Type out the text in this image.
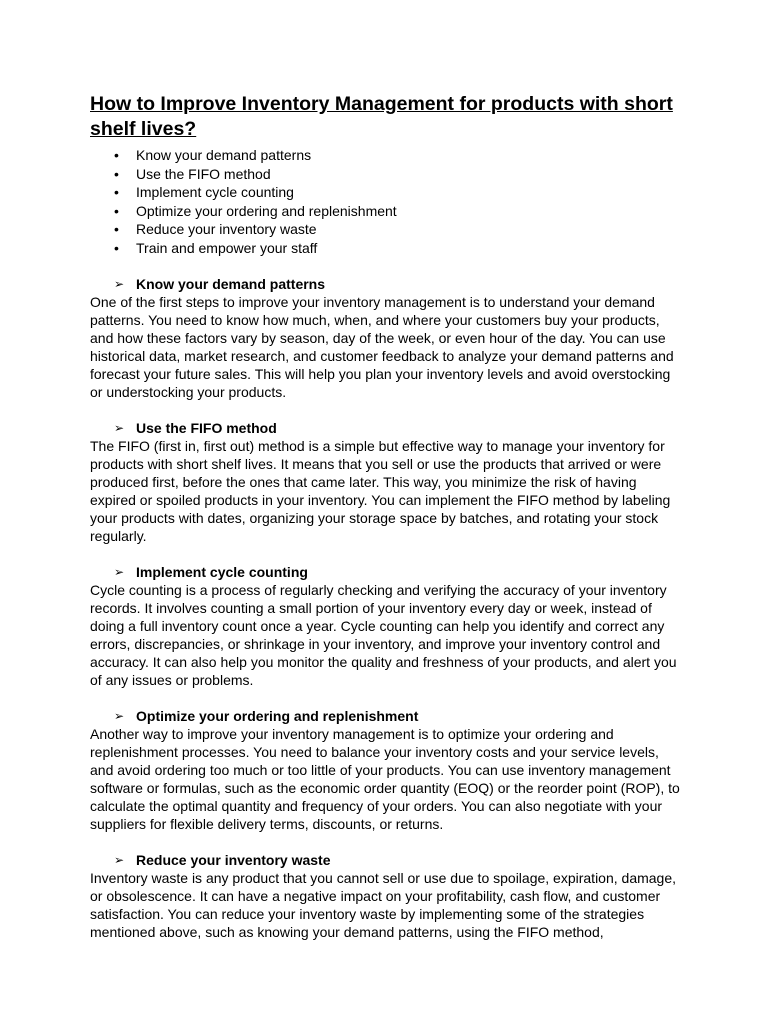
How to Improve Inventory Management for products with short shelf lives?
• Know your demand patterns
• Use the FIFO method
• Implement cycle counting
• Optimize your ordering and replenishment
• Reduce your inventory waste
• Train and empower your staff
➢ Know your demand patterns

One of the first steps to improve your inventory management is to understand your demand patterns. You need to know how much, when, and where your customers buy your products, and how these factors vary by season, day of the week, or even hour of the day. You can use historical data, market research, and customer feedback to analyze your demand patterns and forecast your future sales. This will help you plan your inventory levels and avoid overstocking or understocking your products.

➢ Use the FIFO method

The FIFO (first in, first out) method is a simple but effective way to manage your inventory for products with short shelf lives. It means that you sell or use the products that arrived or were produced first, before the ones that came later. This way, you minimize the risk of having expired or spoiled products in your inventory. You can implement the FIFO method by labeling your products with dates, organizing your storage space by batches, and rotating your stock regularly.

➢ Implement cycle counting

Cycle counting is a process of regularly checking and verifying the accuracy of your inventory records. It involves counting a small portion of your inventory every day or week, instead of doing a full inventory count once a year. Cycle counting can help you identify and correct any errors, discrepancies, or shrinkage in your inventory, and improve your inventory control and accuracy. It can also help you monitor the quality and freshness of your products, and alert you of any issues or problems.

➢ Optimize your ordering and replenishment

Another way to improve your inventory management is to optimize your ordering and replenishment processes. You need to balance your inventory costs and your service levels, and avoid ordering too much or too little of your products. You can use inventory management software or formulas, such as the economic order quantity (EOQ) or the reorder point (ROP), to calculate the optimal quantity and frequency of your orders. You can also negotiate with your suppliers for flexible delivery terms, discounts, or returns.

➢ Reduce your inventory waste

Inventory waste is any product that you cannot sell or use due to spoilage, expiration, damage, or obsolescence. It can have a negative impact on your profitability, cash flow, and customer satisfaction. You can reduce your inventory waste by implementing some of the strategies mentioned above, such as knowing your demand patterns, using the FIFO method,
